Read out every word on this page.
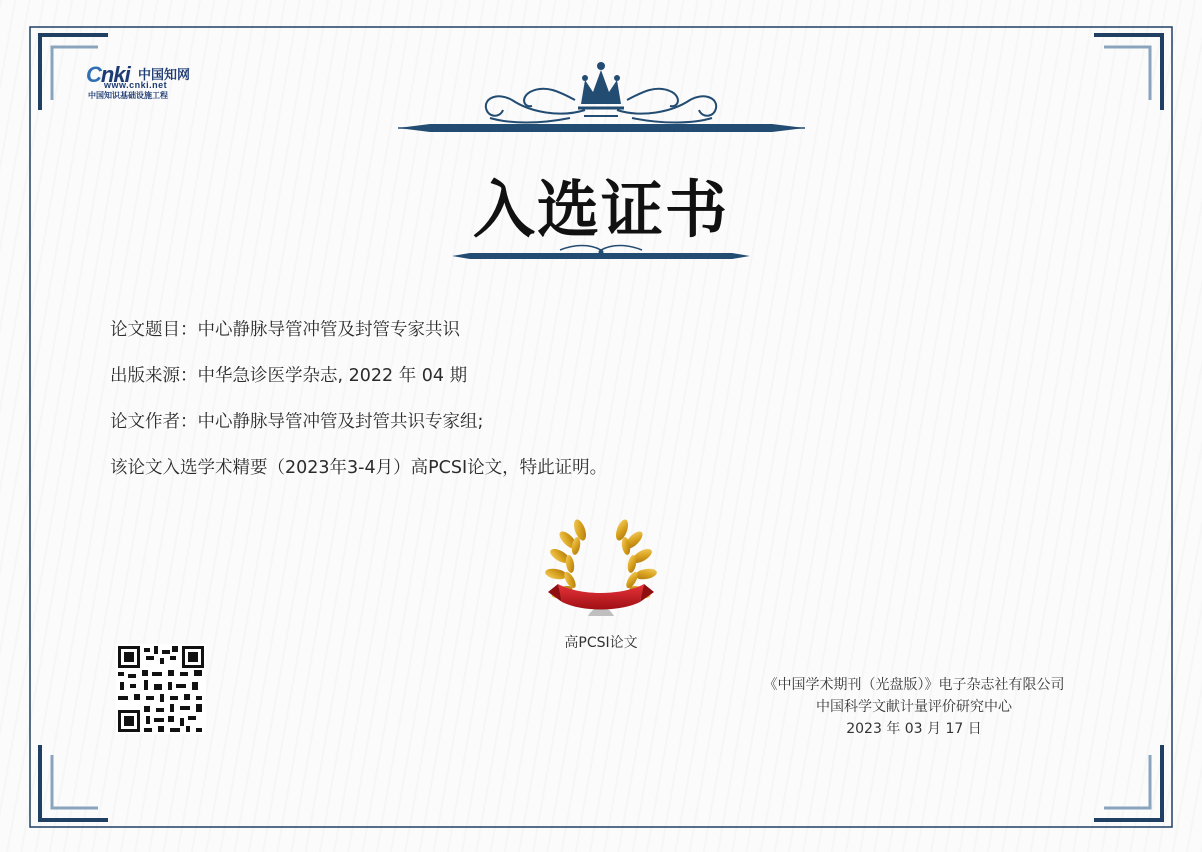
Cnki 中国知网
www.cnki.net
中国知识基础设施工程
入选证书
论文题目：中心静脉导管冲管及封管专家共识
出版来源：中华急诊医学杂志, 2022 年 04 期
论文作者：中心静脉导管冲管及封管共识专家组;
该论文入选学术精要（2023年3-4月）高PCSI论文，特此证明。
高PCSI论文
《中国学术期刊（光盘版）》电子杂志社有限公司
中国科学文献计量评价研究中心
2023 年 03 月 17 日
